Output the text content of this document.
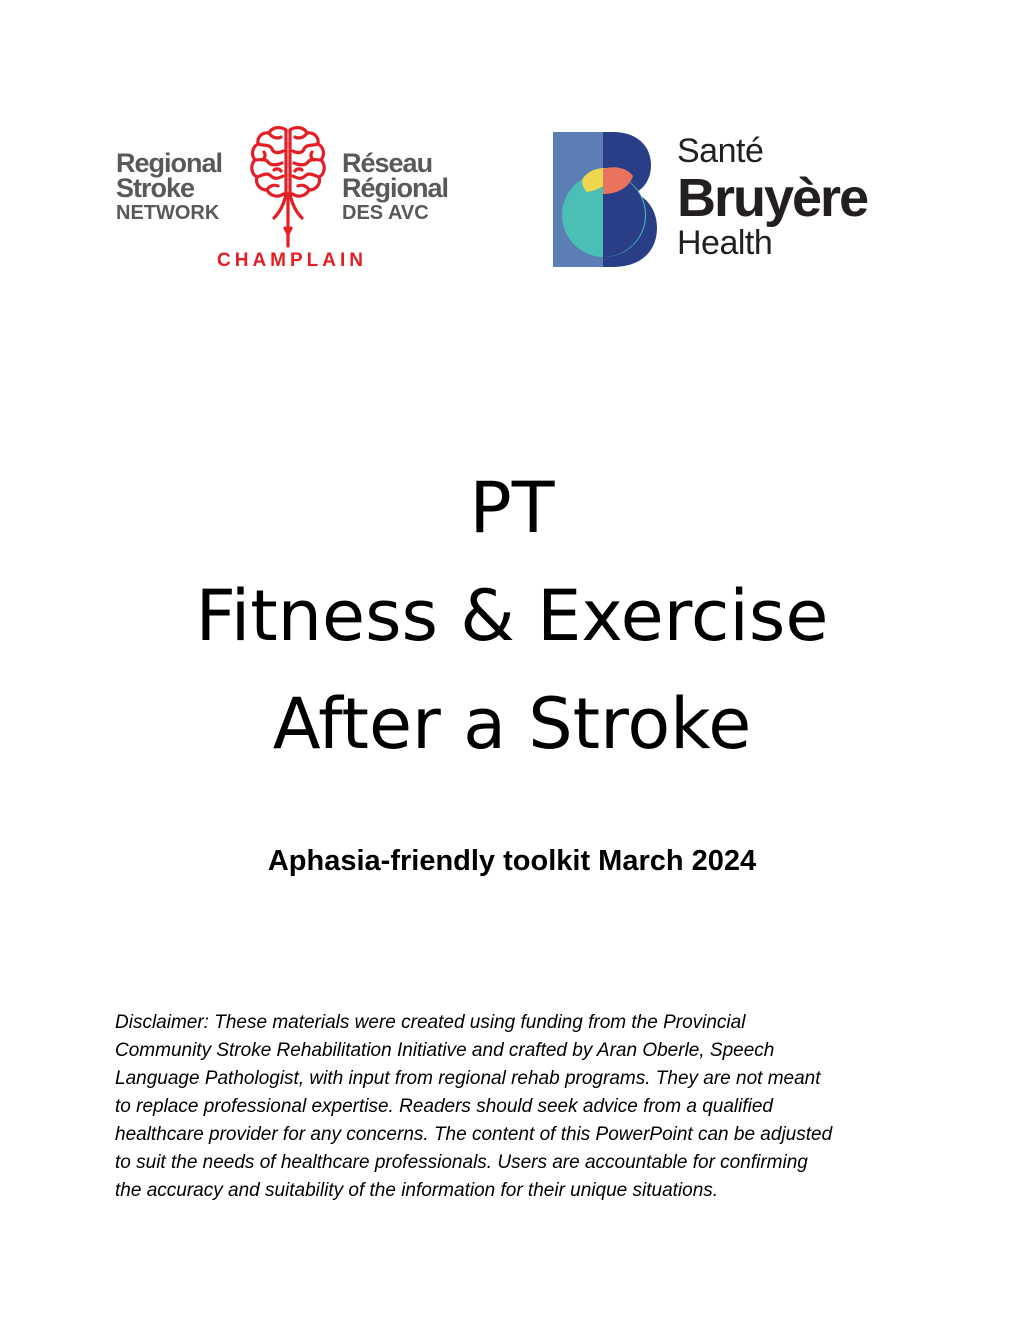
Regional
Stroke
NETWORK
Réseau
Régional
DES AVC
CHAMPLAIN
Santé
Bruyère
Health
PT
Fitness & Exercise
After a Stroke
Aphasia-friendly toolkit March 2024
Disclaimer: These materials were created using funding from the Provincial
Community Stroke Rehabilitation Initiative and crafted by Aran Oberle, Speech
Language Pathologist, with input from regional rehab programs. They are not meant
to replace professional expertise. Readers should seek advice from a qualified
healthcare provider for any concerns. The content of this PowerPoint can be adjusted
to suit the needs of healthcare professionals. Users are accountable for confirming
the accuracy and suitability of the information for their unique situations.
